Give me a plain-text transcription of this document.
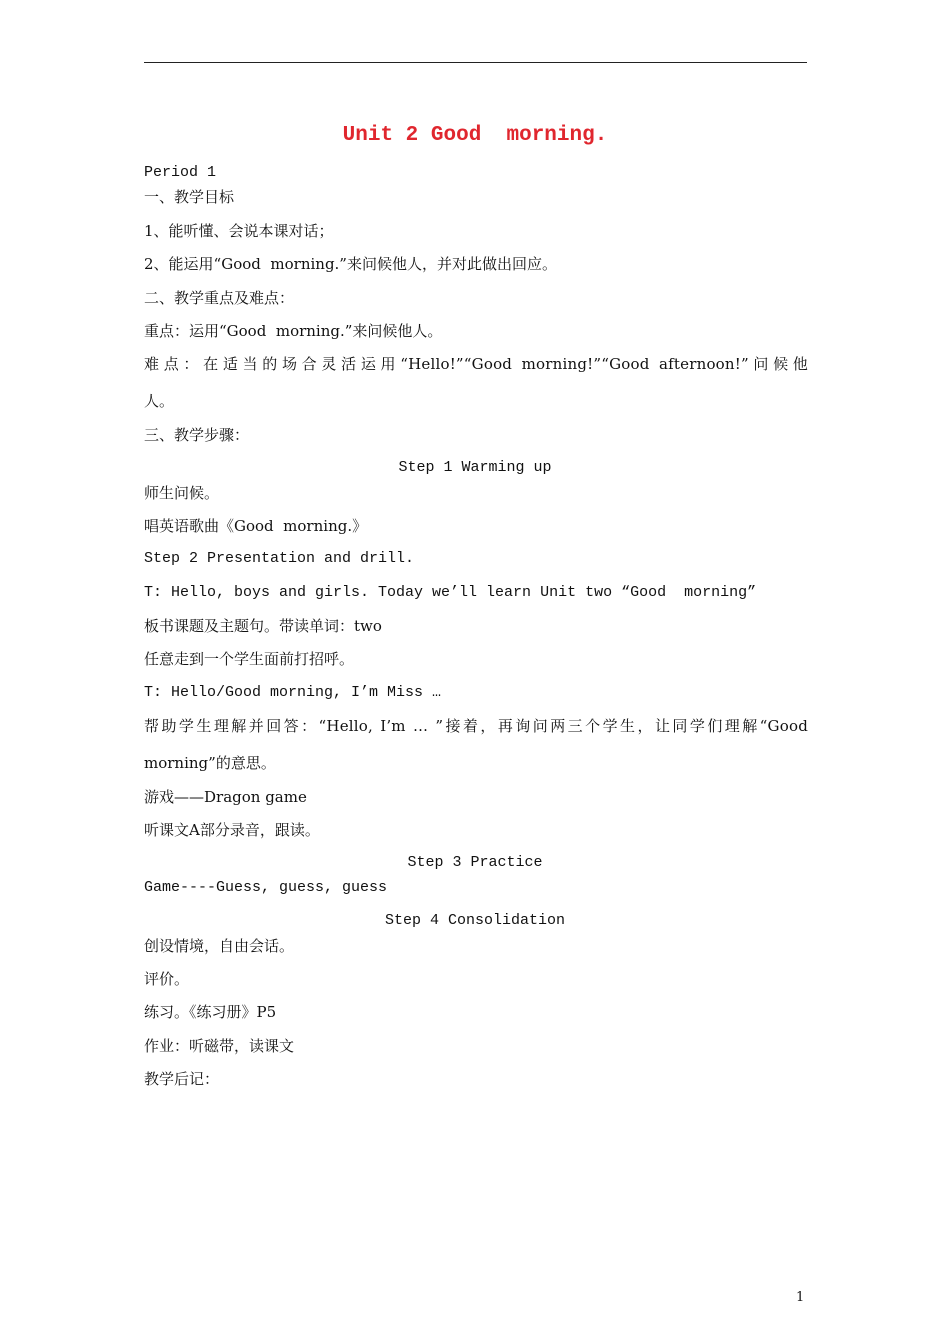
Unit 2 Good  morning.
Period 1
一、教学目标
1、能听懂、会说本课对话；
2、能运用“Good  morning.”来问候他人，并对此做出回应。
二、教学重点及难点：
重点：运用“Good  morning.”来问候他人。
难点：在适当的场合灵活运用“Hello!”“Good morning!”“Good afternoon!”问候他
人。
三、教学步骤：
Step 1 Warming up
师生问候。
唱英语歌曲《Good  morning.》
Step 2 Presentation and drill.
T: Hello, boys and girls. Today we’ll learn Unit two “Good  morning”
板书课题及主题句。带读单词：two
任意走到一个学生面前打招呼。
T: Hello/Good morning, I’m Miss …
帮助学生理解并回答：“Hello, I’m … ”接着，再询问两三个学生，让同学们理解“Good
morning”的意思。
游戏——Dragon game
听课文A部分录音，跟读。
Step 3 Practice
Game----Guess, guess, guess
Step 4 Consolidation
创设情境，自由会话。
评价。
练习。《练习册》P5
作业：听磁带，读课文
教学后记：
1
